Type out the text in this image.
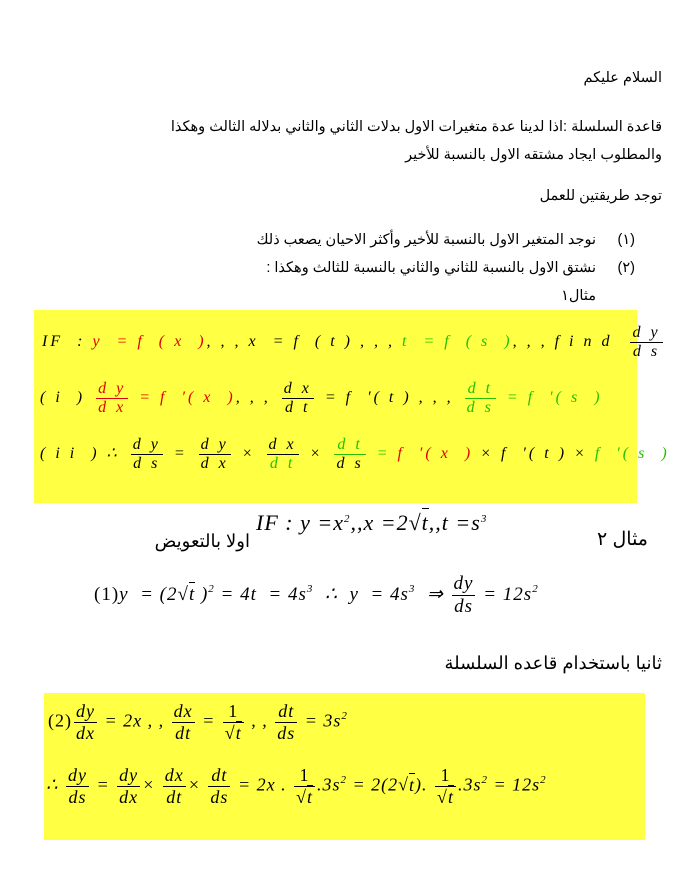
السلام عليكم
قاعدة السلسلة :اذا لدينا عدة متغيرات الاول بدلات الثاني والثاني بدلاله الثالث وهكذا
والمطلوب ايجاد مشتقه الاول بالنسبة للأخير
توجد طريقتين للعمل
(١)
نوجد المتغير الاول بالنسبة للأخير وأكثر الاحيان يصعب ذلك
(٢)
نشتق الاول بالنسبة للثاني والثاني بالنسبة للثالث وهكذا :
مثال١
IF  : y  = f  ( x  ), , , x  = f  ( t ) , , , t  = f  ( s  ), , , f i n d $\frac{\text{d y}}{\text{d s}}$
( i  ) $\frac{\text{d y}}{\text{d x}} = f$  ′( x  ), , , $\frac{\text{d x}}{\text{d t}} = f$  ′( t ) , , , $\frac{\text{d t}}{\text{d s}} = f$  ′( s  )
( i i  ) ∴ $\frac{\text{d y}}{\text{d s}} = \frac{\text{d y}}{\text{d x}} \times \frac{\text{d x}}{\text{d t}} \times \frac{\text{d t}}{\text{d s}} = f$  ′( x  ) × f  ′( t ) × f  ′( s  )
مثال ٢
IF : $y =x^2,,x =2√t,,t =s^3$
اولا بالتعويض
(1)y  = (2√t )$^2 = 4t = 4s^3$  ∴  $y = 4s^3$  ⇒ $\frac{dy}{ds} = 12s^2$
ثانيا باستخدام قاعده السلسلة
$(2) \frac{dy}{dx} = 2x$ , , $\frac{dx}{dt} = \frac{1}{√t}$ , , $\frac{dt}{ds} = 3s^2$
∴ $\frac{dy}{ds} = \frac{dy}{dx} \times \frac{dx}{dt} \times \frac{dt}{ds} = 2x$ . $\frac{1}{√t} .3s^2 = 2(2√t)$. $\frac{1}{√t} .3s^2 = 12s^2$
